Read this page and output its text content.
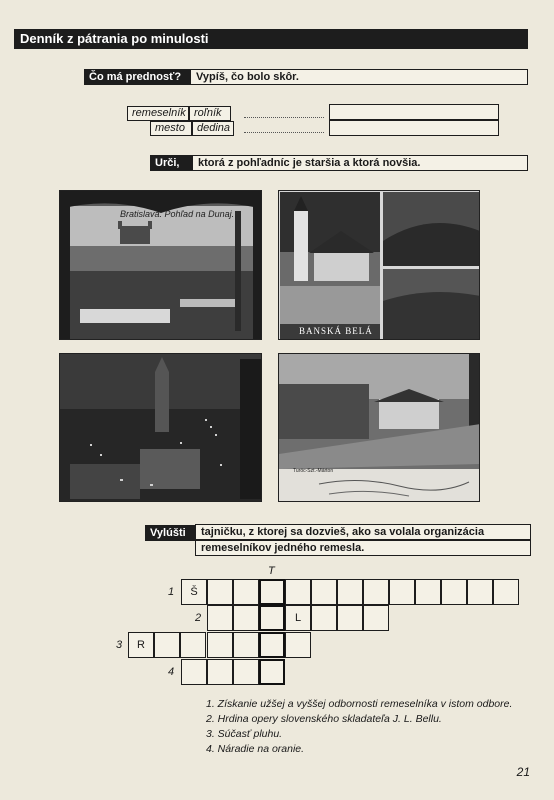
Denník z pátrania po minulosti
Čo má prednosť?	Vypíš, čo bolo skôr.
remeselník roľník
mesto	dedina
Urči,	ktorá z pohľadníc je staršia a ktorá novšia.
Bratislava. Pohľad na Dunaj.
BANSKÁ BELÁ
Turóc-Szt.-Márton
Vylúšti	tajničku, z ktorej sa dozvieš, ako sa volala organizácia
remeselníkov jedného remesla.
T
1
2
3
4
Š
L
R
1. Získanie užšej a vyššej odbornosti remeselníka v istom odbore.
2. Hrdina opery slovenského skladateľa J. L. Bellu.
3. Súčasť pluhu.
4. Náradie na oranie.
21
